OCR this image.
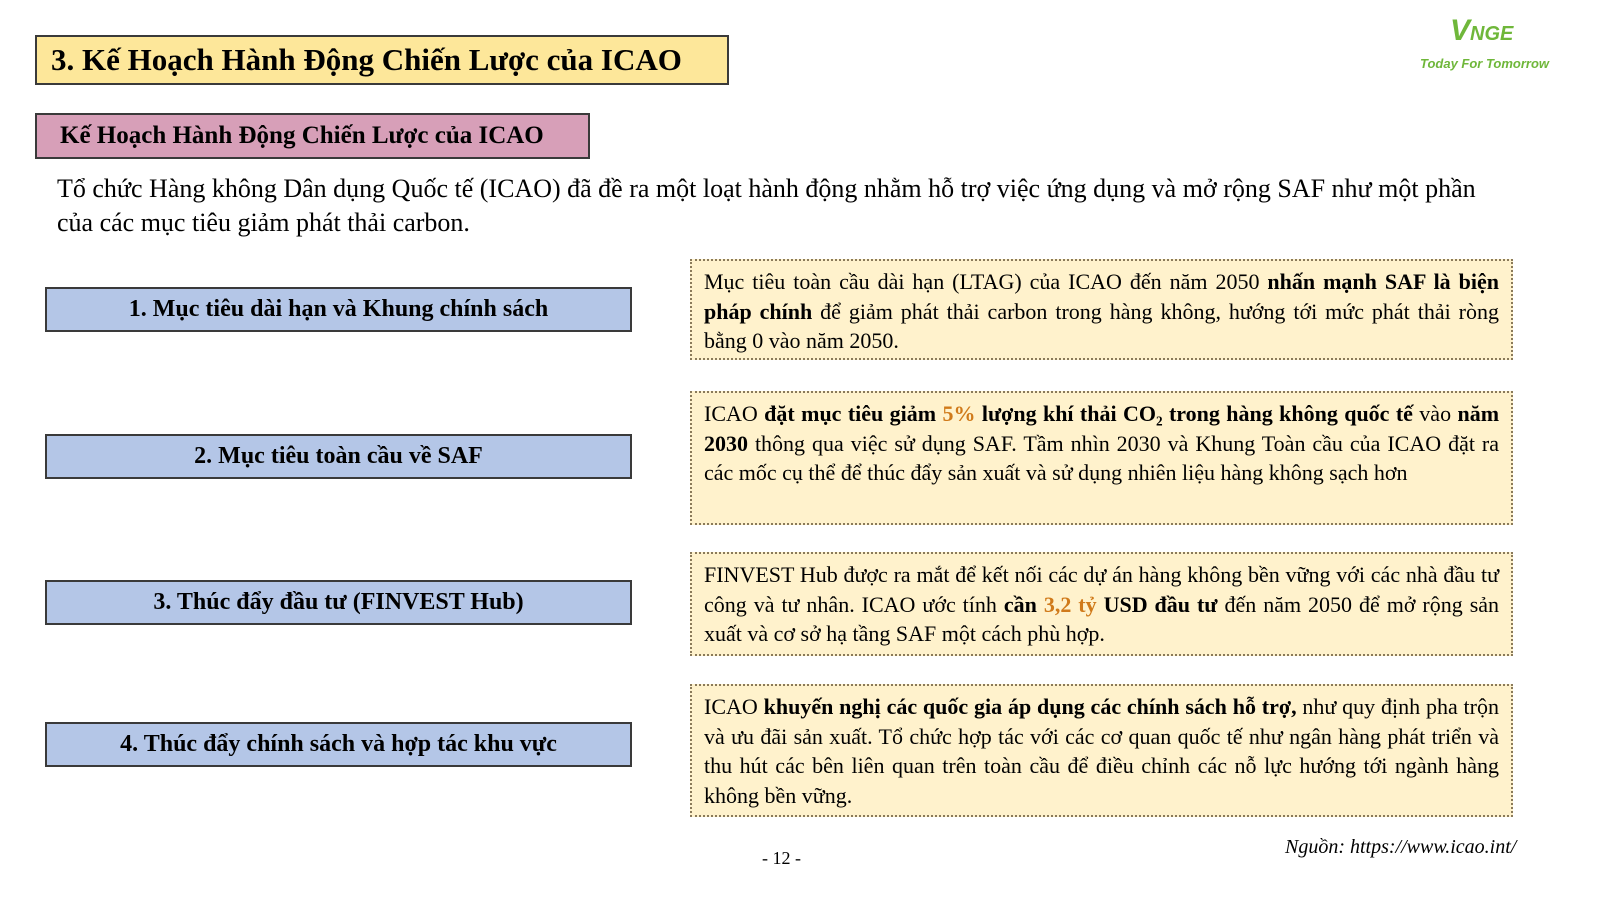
3. Kế Hoạch Hành Động Chiến Lược của ICAO
VNGE
Today For Tomorrow
Kế Hoạch Hành Động Chiến Lược của ICAO
Tổ chức Hàng không Dân dụng Quốc tế (ICAO) đã đề ra một loạt hành động nhằm hỗ trợ việc ứng dụng và mở rộng SAF như một phần của các mục tiêu giảm phát thải carbon.
1. Mục tiêu dài hạn và Khung chính sách
Mục tiêu toàn cầu dài hạn (LTAG) của ICAO đến năm 2050 nhấn mạnh SAF là biện pháp chính để giảm phát thải carbon trong hàng không, hướng tới mức phát thải ròng bằng 0 vào năm 2050.
2. Mục tiêu toàn cầu về SAF
ICAO đặt mục tiêu giảm 5% lượng khí thải CO₂ trong hàng không quốc tế vào năm 2030 thông qua việc sử dụng SAF. Tầm nhìn 2030 và Khung Toàn cầu của ICAO đặt ra các mốc cụ thể để thúc đẩy sản xuất và sử dụng nhiên liệu hàng không sạch hơn
3. Thúc đẩy đầu tư (FINVEST Hub)
FINVEST Hub được ra mắt để kết nối các dự án hàng không bền vững với các nhà đầu tư công và tư nhân. ICAO ước tính cần 3,2 tỷ USD đầu tư đến năm 2050 để mở rộng sản xuất và cơ sở hạ tầng SAF một cách phù hợp.
4. Thúc đẩy chính sách và hợp tác khu vực
ICAO khuyến nghị các quốc gia áp dụng các chính sách hỗ trợ, như quy định pha trộn và ưu đãi sản xuất. Tổ chức hợp tác với các cơ quan quốc tế như ngân hàng phát triển và thu hút các bên liên quan trên toàn cầu để điều chỉnh các nỗ lực hướng tới ngành hàng không bền vững.
- 12 -	Nguồn: https://www.icao.int/
